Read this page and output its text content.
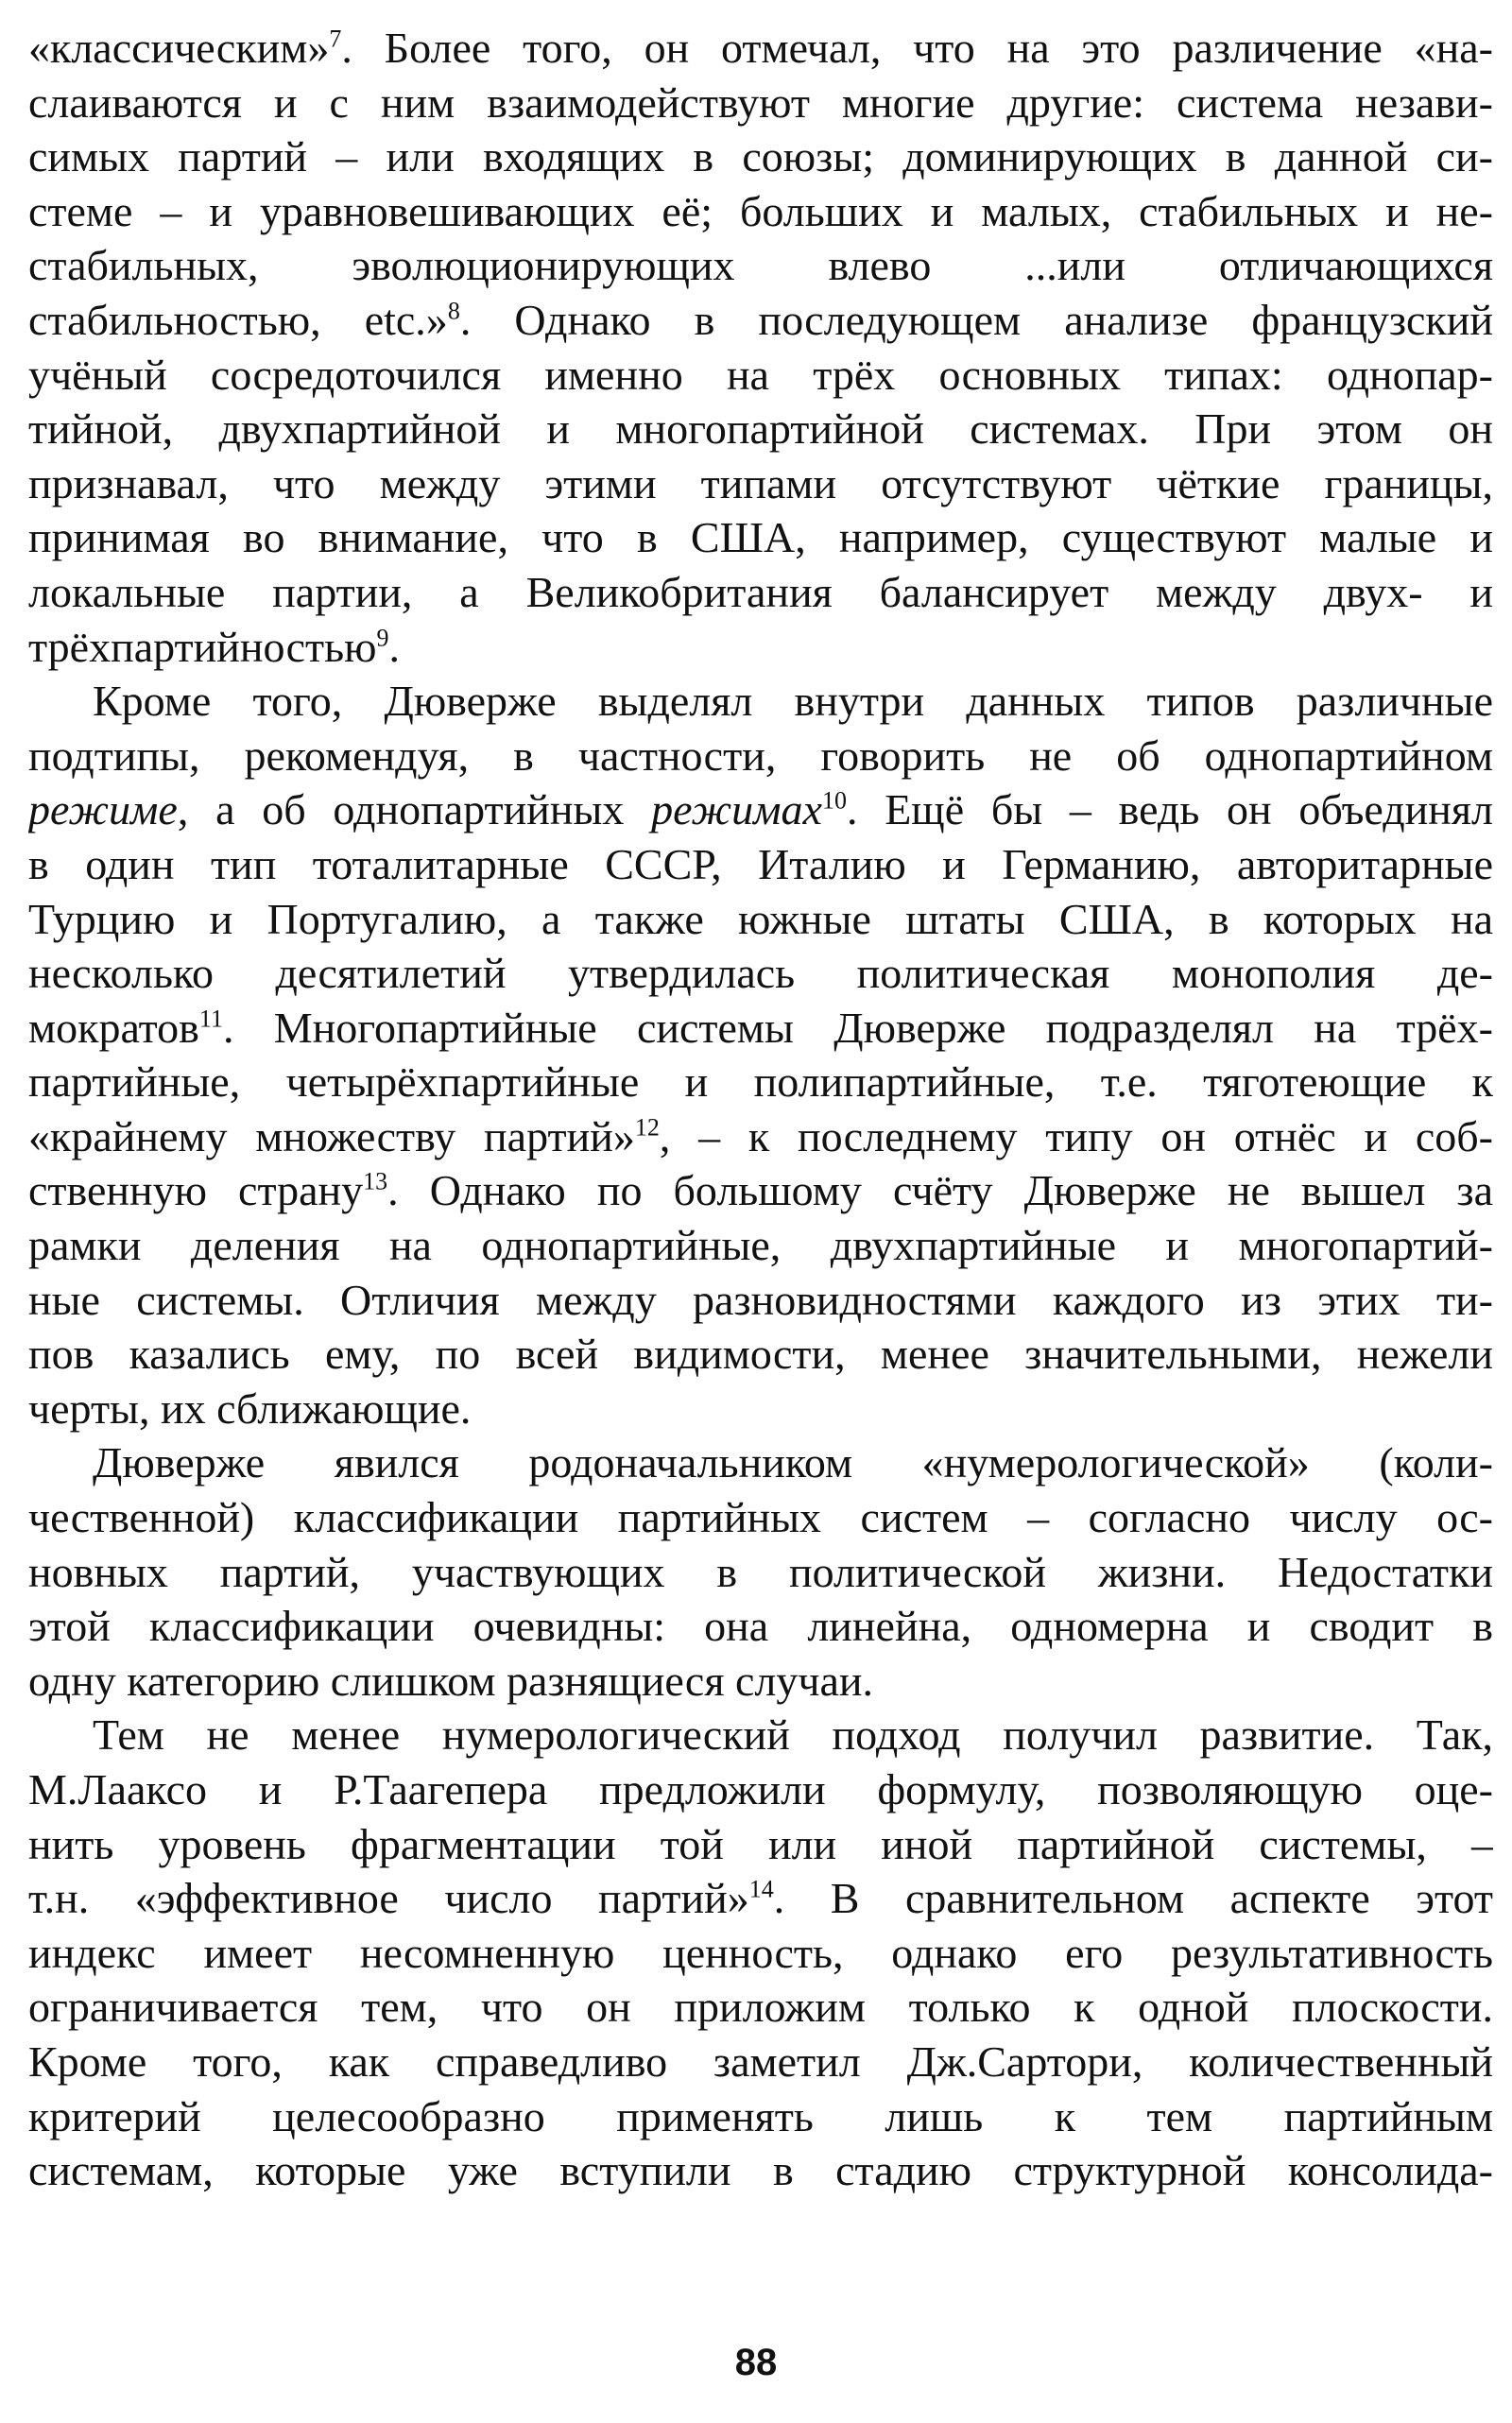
«классическим»$^7$. Более того, он отмечал, что на это различение «на-
слаиваются и с ним взаимодействуют многие другие: система незави-
симых партий – или входящих в союзы; доминирующих в данной си-
стеме – и уравновешивающих её; больших и малых, стабильных и не-
стабильных, эволюционирующих влево ...или отличающихся
стабильностью, etc.»$^8$. Однако в последующем анализе французский
учёный сосредоточился именно на трёх основных типах: однопар-
тийной, двухпартийной и многопартийной системах. При этом он
признавал, что между этими типами отсутствуют чёткие границы,
принимая во внимание, что в США, например, существуют малые и
локальные партии, а Великобритания балансирует между двух- и
трёхпартийностью$^9$.
Кроме того, Дюверже выделял внутри данных типов различные
подтипы, рекомендуя, в частности, говорить не об однопартийном
режиме, а об однопартийных режимах$^{10}$. Ещё бы – ведь он объединял
в один тип тоталитарные СССР, Италию и Германию, авторитарные
Турцию и Португалию, а также южные штаты США, в которых на
несколько десятилетий утвердилась политическая монополия де-
мократов$^{11}$. Многопартийные системы Дюверже подразделял на трёх-
партийные, четырёхпартийные и полипартийные, т.е. тяготеющие к
«крайнему множеству партий»$^{12}$, – к последнему типу он отнёс и соб-
ственную страну$^{13}$. Однако по большому счёту Дюверже не вышел за
рамки деления на однопартийные, двухпартийные и многопартий-
ные системы. Отличия между разновидностями каждого из этих ти-
пов казались ему, по всей видимости, менее значительными, нежели
черты, их сближающие.
Дюверже явился родоначальником «нумерологической» (коли-
чественной) классификации партийных систем – согласно числу ос-
новных партий, участвующих в политической жизни. Недостатки
этой классификации очевидны: она линейна, одномерна и сводит в
одну категорию слишком разнящиеся случаи.
Тем не менее нумерологический подход получил развитие. Так,
М.Лааксо и Р.Таагепера предложили формулу, позволяющую оце-
нить уровень фрагментации той или иной партийной системы, –
т.н. «эффективное число партий»$^{14}$. В сравнительном аспекте этот
индекс имеет несомненную ценность, однако его результативность
ограничивается тем, что он приложим только к одной плоскости.
Кроме того, как справедливо заметил Дж.Сартори, количественный
критерий целесообразно применять лишь к тем партийным
системам, которые уже вступили в стадию структурной консолида-
88
